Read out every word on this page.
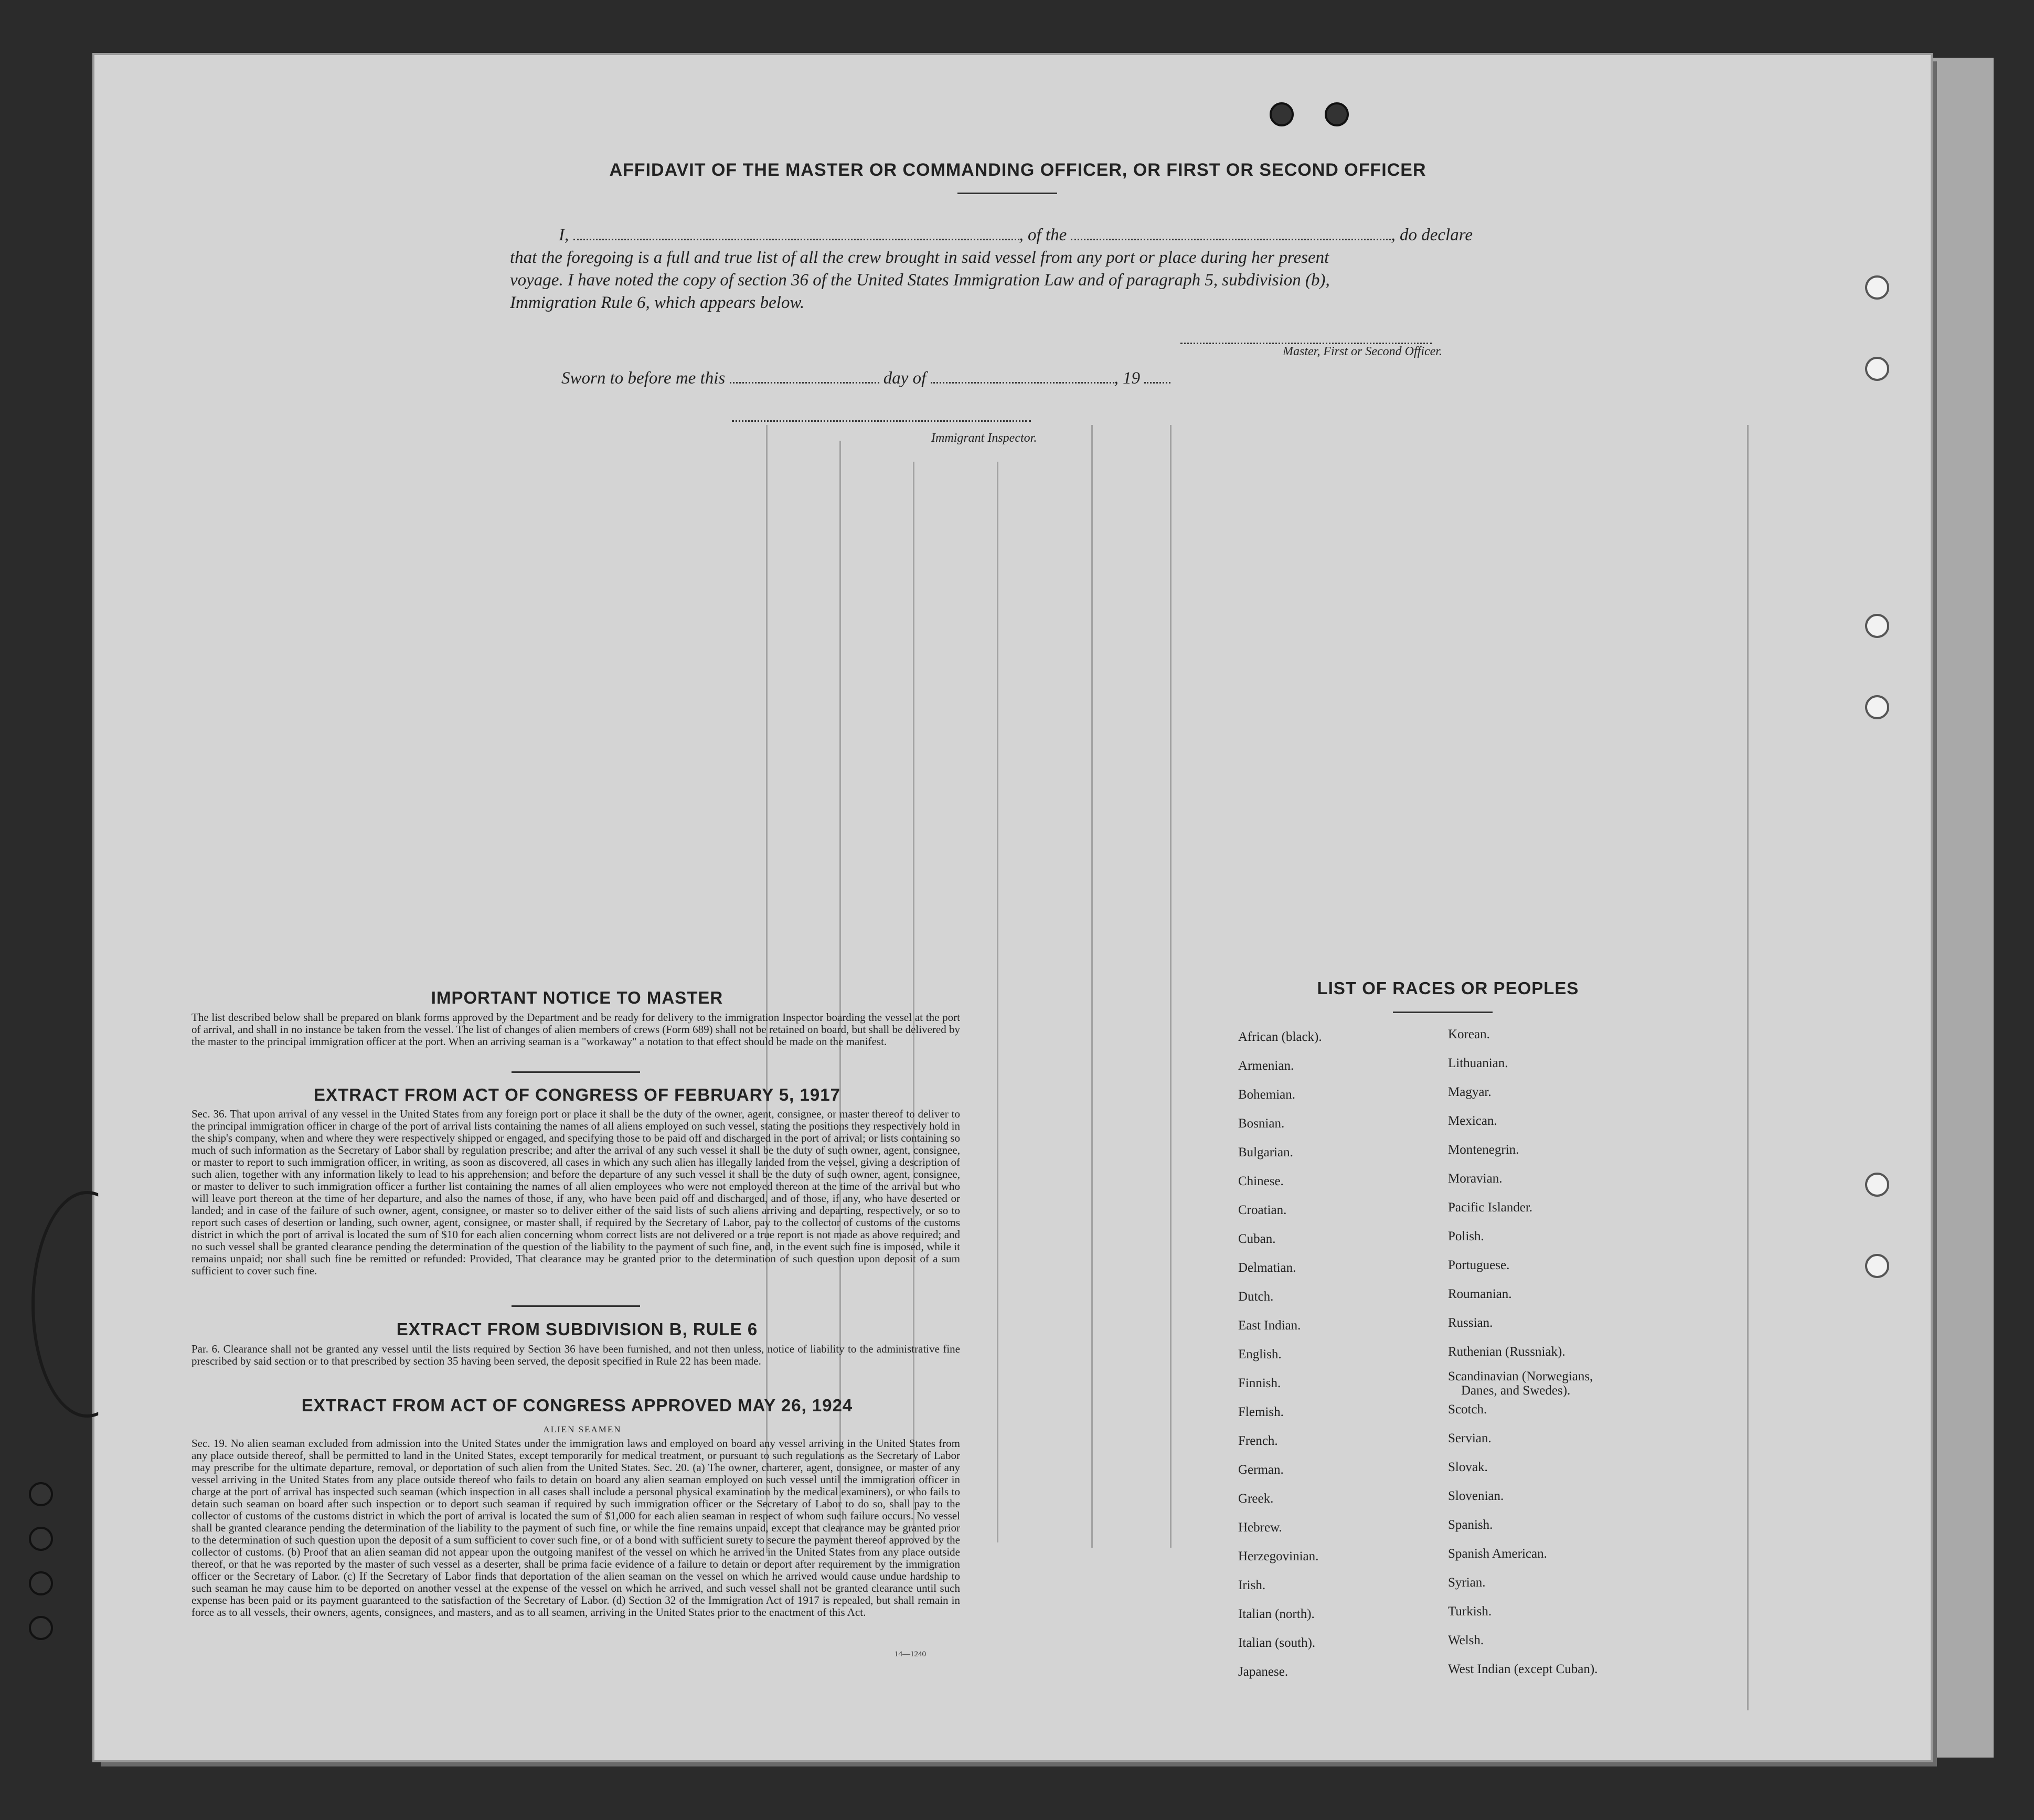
AFFIDAVIT OF THE MASTER OR COMMANDING OFFICER, OR FIRST OR SECOND OFFICER
I,	, of the	, do declare
that the foregoing is a full and true list of all the crew brought in said vessel from any port or place during her present
voyage. I have noted the copy of section 36 of the United States Immigration Law and of paragraph 5, subdivision (b),
Immigration Rule 6, which appears below.
Master, First or Second Officer.
Sworn to before me this	day of	, 19
Immigrant Inspector.
IMPORTANT NOTICE TO MASTER
The list described below shall be prepared on blank forms approved by the Department and be ready for delivery to the immigration Inspector boarding the vessel at the port of arrival, and shall in no instance be taken from the vessel. The list of changes of alien members of crews (Form 689) shall not be retained on board, but shall be delivered by the master to the principal immigration officer at the port. When an arriving seaman is a "workaway" a notation to that effect should be made on the manifest.
EXTRACT FROM ACT OF CONGRESS OF FEBRUARY 5, 1917
Sec. 36. That upon arrival of any vessel in the United States from any foreign port or place it shall be the duty of the owner, agent, consignee, or master thereof to deliver to the principal immigration officer in charge of the port of arrival lists containing the names of all aliens employed on such vessel, stating the positions they respectively hold in the ship's company, when and where they were respectively shipped or engaged, and specifying those to be paid off and discharged in the port of arrival; or lists containing so much of such information as the Secretary of Labor shall by regulation prescribe; and after the arrival of any such vessel it shall be the duty of such owner, agent, consignee, or master to report to such immigration officer, in writing, as soon as discovered, all cases in which any such alien has illegally landed from the vessel, giving a description of such alien, together with any information likely to lead to his apprehension; and before the departure of any such vessel it shall be the duty of such owner, agent, consignee, or master to deliver to such immigration officer a further list containing the names of all alien employees who were not employed thereon at the time of the arrival but who will leave port thereon at the time of her departure, and also the names of those, if any, who have been paid off and discharged, and of those, if any, who have deserted or landed; and in case of the failure of such owner, agent, consignee, or master so to deliver either of the said lists of such aliens arriving and departing, respectively, or so to report such cases of desertion or landing, such owner, agent, consignee, or master shall, if required by the Secretary of Labor, pay to the collector of customs of the customs district in which the port of arrival is located the sum of $10 for each alien concerning whom correct lists are not delivered or a true report is not made as above required; and no such vessel shall be granted clearance pending the determination of the question of the liability to the payment of such fine, and, in the event such fine is imposed, while it remains unpaid; nor shall such fine be remitted or refunded: Provided, That clearance may be granted prior to the determination of such question upon deposit of a sum sufficient to cover such fine.
EXTRACT FROM SUBDIVISION B, RULE 6
Par. 6. Clearance shall not be granted any vessel until the lists required by Section 36 have been furnished, and not then unless, notice of liability to the administrative fine prescribed by said section or to that prescribed by section 35 having been served, the deposit specified in Rule 22 has been made.
EXTRACT FROM ACT OF CONGRESS APPROVED MAY 26, 1924
ALIEN SEAMEN
Sec. 19. No alien seaman excluded from admission into the United States under the immigration laws and employed on board any vessel arriving in the United States from any place outside thereof, shall be permitted to land in the United States, except temporarily for medical treatment, or pursuant to such regulations as the Secretary of Labor may prescribe for the ultimate departure, removal, or deportation of such alien from the United States. Sec. 20. (a) The owner, charterer, agent, consignee, or master of any vessel arriving in the United States from any place outside thereof who fails to detain on board any alien seaman employed on such vessel until the immigration officer in charge at the port of arrival has inspected such seaman (which inspection in all cases shall include a personal physical examination by the medical examiners), or who fails to detain such seaman on board after such inspection or to deport such seaman if required by such immigration officer or the Secretary of Labor to do so, shall pay to the collector of customs of the customs district in which the port of arrival is located the sum of $1,000 for each alien seaman in respect of whom such failure occurs. No vessel shall be granted clearance pending the determination of the liability to the payment of such fine, or while the fine remains unpaid, except that clearance may be granted prior to the determination of such question upon the deposit of a sum sufficient to cover such fine, or of a bond with sufficient surety to secure the payment thereof approved by the collector of customs. (b) Proof that an alien seaman did not appear upon the outgoing manifest of the vessel on which he arrived in the United States from any place outside thereof, or that he was reported by the master of such vessel as a deserter, shall be prima facie evidence of a failure to detain or deport after requirement by the immigration officer or the Secretary of Labor. (c) If the Secretary of Labor finds that deportation of the alien seaman on the vessel on which he arrived would cause undue hardship to such seaman he may cause him to be deported on another vessel at the expense of the vessel on which he arrived, and such vessel shall not be granted clearance until such expense has been paid or its payment guaranteed to the satisfaction of the Secretary of Labor. (d) Section 32 of the Immigration Act of 1917 is repealed, but shall remain in force as to all vessels, their owners, agents, consignees, and masters, and as to all seamen, arriving in the United States prior to the enactment of this Act.
14—1240
LIST OF RACES OR PEOPLES
African (black).
Armenian.
Bohemian.
Bosnian.
Bulgarian.
Chinese.
Croatian.
Cuban.
Delmatian.
Dutch.
East Indian.
English.
Finnish.
Flemish.
French.
German.
Greek.
Hebrew.
Herzegovinian.
Irish.
Italian (north).
Italian (south).
Japanese.
Korean.
Lithuanian.
Magyar.
Mexican.
Montenegrin.
Moravian.
Pacific Islander.
Polish.
Portuguese.
Roumanian.
Russian.
Ruthenian (Russniak).
Scandinavian (Norwegians,
Danes, and Swedes).
Scotch.
Servian.
Slovak.
Slovenian.
Spanish.
Spanish American.
Syrian.
Turkish.
Welsh.
West Indian (except Cuban).
